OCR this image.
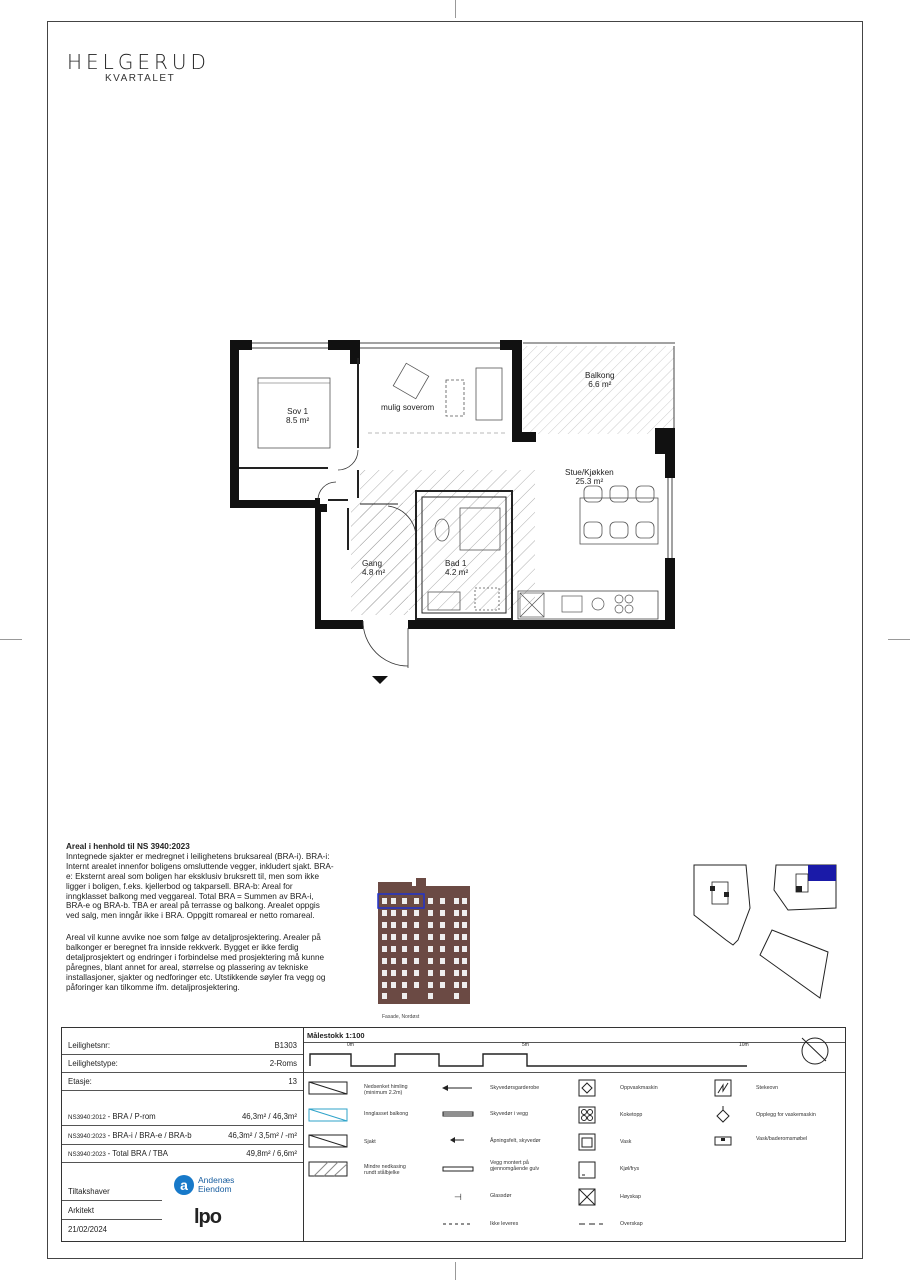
HELGERUD
KVARTALET
Sov 1
8.5 m²
mulig soverom
Balkong
6.6 m²
Stue/Kjøkken
25.3 m²
Gang
4.8 m²
Bad 1
4.2 m²

Areal i henhold til NS 3940:2023
Inntegnede sjakter er medregnet i leilighetens bruksareal (BRA-i). BRA-i: Internt arealet innenfor boligens omsluttende vegger, inkludert sjakt. BRA-e: Eksternt areal som boligen har eksklusiv bruksrett til, men som ikke ligger i boligen, f.eks. kjellerbod og takparsell. BRA-b: Areal for inngklasset balkong med veggareal. Total BRA = Summen av BRA-i, BRA-e og BRA-b. TBA er areal på terrasse og balkong. Arealet oppgis ved salg, men inngår ikke i BRA. Oppgitt romareal er netto romareal.

Areal vil kunne avvike noe som følge av detaljprosjektering. Arealer på balkonger er beregnet fra innside rekkverk. Bygget er ikke ferdig detaljprosjektert og endringer i forbindelse med prosjektering må kunne påregnes, blant annet for areal, størrelse og plassering av tekniske installasjoner, sjakter og nedforinger etc. Utstikkende søyler fra vegg og påforinger kan tilkomme ifm. detaljprosjektering.

Fasade, Nordøst
Leilighetsnr:	B1303
Leilighetstype:	2-Roms
Etasje:	13
NS3940:2012 - BRA / P-rom	46,3m² / 46,3m²
NS3940:2023 - BRA-i / BRA-e / BRA-b	46,3m² / 3,5m² / -m²
NS3940:2023 - Total BRA / TBA	49,8m² / 6,6m²
Tiltakshaver
Arkitekt
21/02/2024
a	Andenæs
Eiendom
lpo
Målestokk 1:100
0m	5m	10m
Nedsenket himling (minimum 2.2m)
Innglasset balkong
Sjakt
Mindre nedkasing rundt stålbjelke
Skyvedørsgarderobe
Skyvedør i vegg
Åpningsfelt, skyvedør
Vegg montert på gjennomgående gulv
⊣	Glassdør
Ikke leveres
Oppvaskmaskin
Koketopp
Vask
Kjøl/frys
Høyskap
Overskap
Stekeovn
Opplegg for vaskemaskin
Vask/baderomsmøbel
